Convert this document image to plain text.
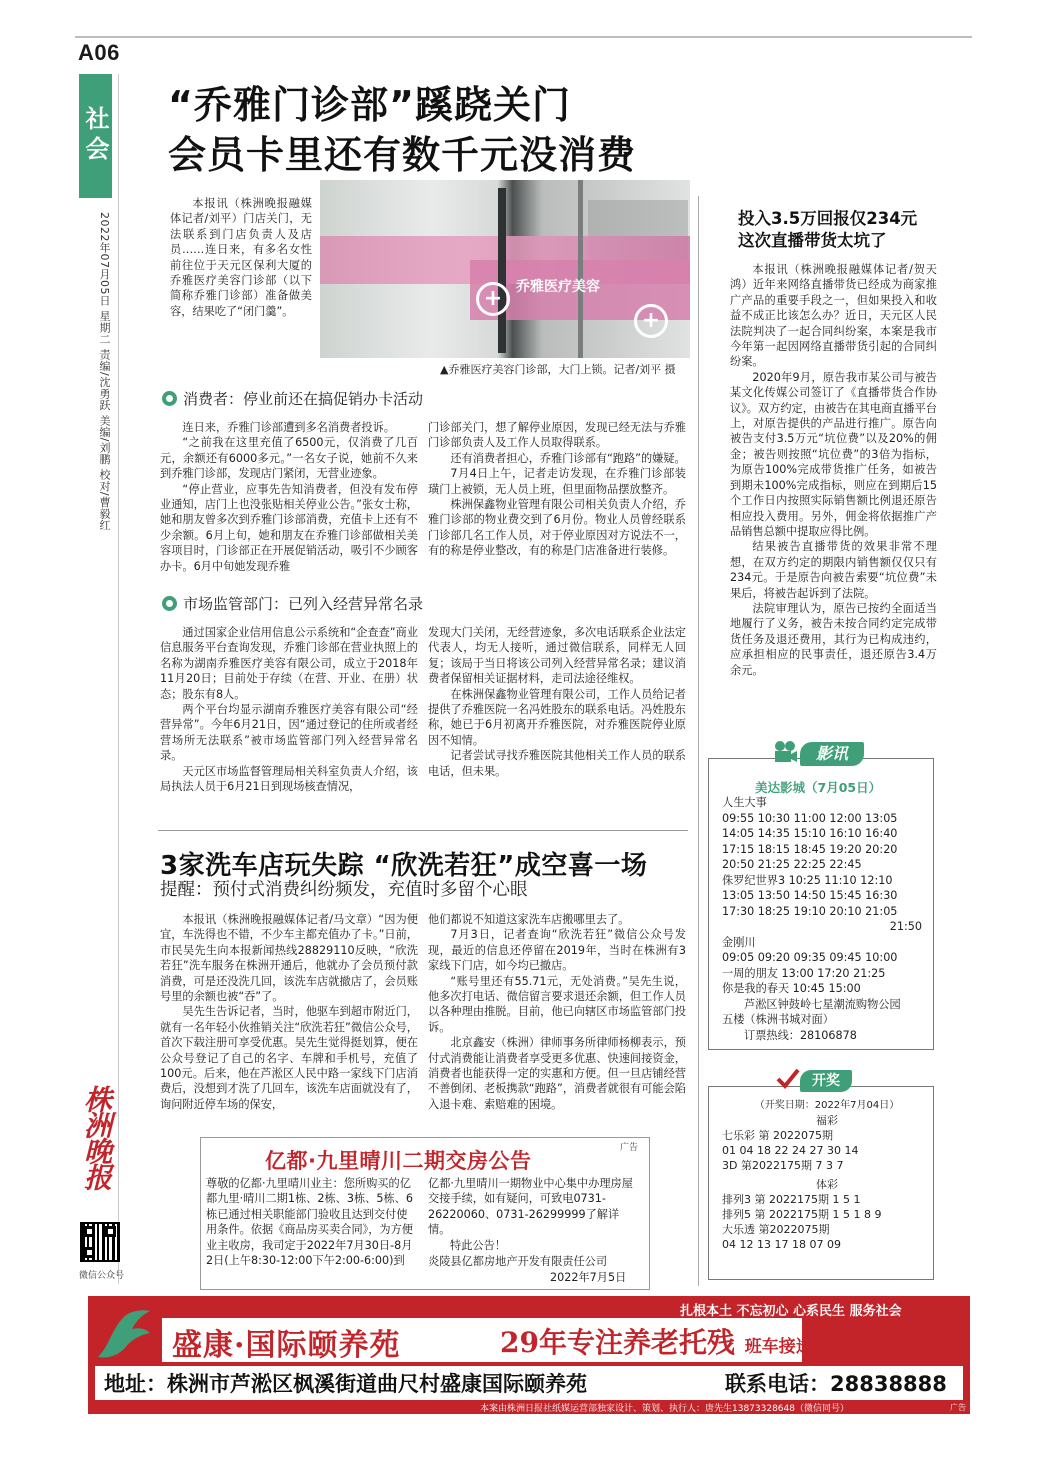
A06
社会
2022年07月05日 星期二 责编/沈勇跃 美编/刘鹏 校对/曹毅红
“乔雅门诊部”蹊跷关门
会员卡里还有数千元没消费

本报讯（株洲晚报融媒体记者/刘平）门店关门，无法联系到门店负责人及店员……连日来，有多名女性前往位于天元区保利大厦的乔雅医疗美容门诊部（以下简称乔雅门诊部）准备做美容，结果吃了“闭门羹”。

+
+
乔雅医疗美容
▲乔雅医疗美容门诊部，大门上锁。记者/刘平 摄
消费者：停业前还在搞促销办卡活动

连日来，乔雅门诊部遭到多名消费者投诉。

“之前我在这里充值了6500元，仅消费了几百元，余额还有6000多元。”一名女子说，她前不久来到乔雅门诊部，发现店门紧闭，无营业迹象。

“停止营业，应事先告知消费者，但没有发布停业通知，店门上也没张贴相关停业公告。”张女士称，她和朋友曾多次到乔雅门诊部消费，充值卡上还有不少余额。6月上旬，她和朋友在乔雅门诊部做相关美容项目时，门诊部正在开展促销活动，吸引不少顾客办卡。6月中旬她发现乔雅

门诊部关门，想了解停业原因，发现已经无法与乔雅门诊部负责人及工作人员取得联系。

还有消费者担心，乔雅门诊部有“跑路”的嫌疑。

7月4日上午，记者走访发现，在乔雅门诊部装璜门上被锁，无人员上班，但里面物品摆放整齐。

株洲保鑫物业管理有限公司相关负责人介绍，乔雅门诊部的物业费交到了6月份。物业人员曾经联系门诊部几名工作人员，对于停业原因对方说法不一，有的称是停业整改，有的称是门店准备进行装修。

市场监管部门：已列入经营异常名录

通过国家企业信用信息公示系统和“企查查”商业信息服务平台查询发现，乔雅门诊部在营业执照上的名称为湖南乔雅医疗美容有限公司，成立于2018年11月20日；目前处于存续（在营、开业、在册）状态；股东有8人。

两个平台均显示湖南乔雅医疗美容有限公司“经营异常”。今年6月21日，因“通过登记的住所或者经营场所无法联系”被市场监管部门列入经营异常名录。

天元区市场监督管理局相关科室负责人介绍，该局执法人员于6月21日到现场核查情况，

发现大门关闭，无经营迹象，多次电话联系企业法定代表人，均无人接听，通过微信联系，同样无人回复；该局于当日将该公司列入经营异常名录；建议消费者保留相关证据材料，走司法途径维权。

在株洲保鑫物业管理有限公司，工作人员给记者提供了乔雅医院一名冯姓股东的联系电话。冯姓股东称，她已于6月初离开乔雅医院，对乔雅医院停业原因不知情。

记者尝试寻找乔雅医院其他相关工作人员的联系电话，但未果。

投入3.5万回报仅234元
这次直播带货太坑了

本报讯（株洲晚报融媒体记者/贺天鸿）近年来网络直播带货已经成为商家推广产品的重要手段之一，但如果投入和收益不成正比该怎么办？近日，天元区人民法院判决了一起合同纠纷案，本案是我市今年第一起因网络直播带货引起的合同纠纷案。

2020年9月，原告我市某公司与被告某文化传媒公司签订了《直播带货合作协议》。双方约定，由被告在其电商直播平台上，对原告提供的产品进行推广。原告向被告支付3.5万元“坑位费”以及20%的佣金；被告则按照“坑位费”的3倍为指标，为原告100%完成带货推广任务，如被告到期未100%完成指标，则应在到期后15个工作日内按照实际销售额比例退还原告相应投入费用。另外，佣金将依据推广产品销售总额中提取应得比例。

结果被告直播带货的效果非常不理想，在双方约定的期限内销售额仅仅只有234元。于是原告向被告索要“坑位费”未果后，将被告起诉到了法院。

法院审理认为，原告已按约全面适当地履行了义务，被告未按合同约定完成带货任务及退还费用，其行为已构成违约，应承担相应的民事责任，退还原告3.4万余元。

3家洗车店玩失踪 “欣洗若狂”成空喜一场
提醒：预付式消费纠纷频发，充值时多留个心眼

本报讯（株洲晚报融媒体记者/马文章）“因为便宜，车洗得也不错，不少车主都充值办了卡。”日前，市民吴先生向本报新闻热线28829110反映，“欣洗若狂”洗车服务在株洲开通后，他就办了会员预付款消费，可是还没洗几回，该洗车店就撤店了，会员账号里的余额也被“吞”了。

吴先生告诉记者，当时，他驱车到超市附近门，就有一名年轻小伙推销关注“欣洗若狂”微信公众号，首次下载注册可享受优惠。吴先生觉得挺划算，便在公众号登记了自己的名字、车牌和手机号，充值了100元。后来，他在芦淞区人民中路一家线下门店消费后，没想到才洗了几回车，该洗车店面就没有了，询问附近停车场的保安，

他们都说不知道这家洗车店搬哪里去了。

7月3日，记者查询“欣洗若狂”微信公众号发现，最近的信息还停留在2019年，当时在株洲有3家线下门店，如今均已撤店。

“账号里还有55.71元，无处消费。”吴先生说，他多次打电话、微信留言要求退还余额，但工作人员以各种理由推脱。目前，他已向辖区市场监管部门投诉。

北京鑫安（株洲）律师事务所律师杨柳表示，预付式消费能让消费者享受更多优惠、快速间接资金，消费者也能获得一定的实惠和方便。但一旦店铺经营不善倒闭、老板携款“跑路”，消费者就很有可能会陷入退卡难、索赔难的困境。

影讯
美达影城（7月05日）
人生大事
09:55 10:30 11:00 12:00 13:05
14:05 14:35 15:10 16:10 16:40
17:15 18:15 18:45 19:20 20:20
20:50 21:25 22:25 22:45
侏罗纪世界3 10:25 11:10 12:10
13:05 13:50 14:50 15:45 16:30
17:30 18:25 19:10 20:10 21:05
21:50
金刚川
09:05 09:20 09:35 09:45 10:00
一周的朋友 13:00 17:20 21:25
你是我的春天 10:45 15:00
芦淞区钟鼓岭七星潮流购物公园
五楼（株洲书城对面）
订票热线：28106878
开奖
（开奖日期：2022年7月04日）
福彩
七乐彩 第 2022075期
01 04 18 22 24 27 30 14
3D 第2022175期 7 3 7
体彩
排列3 第 2022175期 1 5 1
排列5 第 2022175期 1 5 1 8 9
大乐透 第2022075期
04 12 13 17 18 07 09
广告
亿都·九里晴川二期交房公告
尊敬的亿都·九里晴川业主：您所购买的亿都九里·晴川二期1栋、2栋、3栋、5栋、6栋已通过相关职能部门验收且达到交付使用条件。依据《商品房买卖合同》，为方便业主收房，我司定于2022年7月30日-8月2日(上午8:30-12:00下午2:00-6:00)到
亿都·九里晴川一期物业中心集中办理房屋交接手续，如有疑问，可致电0731-26220060、0731-26299999了解详情。
特此公告！
炎陵县亿都房地产开发有限责任公司
2022年7月5日
株洲晚报
微信公众号
盛康·国际颐养苑	29年专注养老托残 班车接送实地考察
扎根本土 不忘初心 心系民生 服务社会
地址：株洲市芦淞区枫溪街道曲尺村盛康国际颐养苑	联系电话：28838888
本案由株洲日报社纸媒运营部独家设计、策划、执行人：唐先生13873328648（微信同号）	广告
